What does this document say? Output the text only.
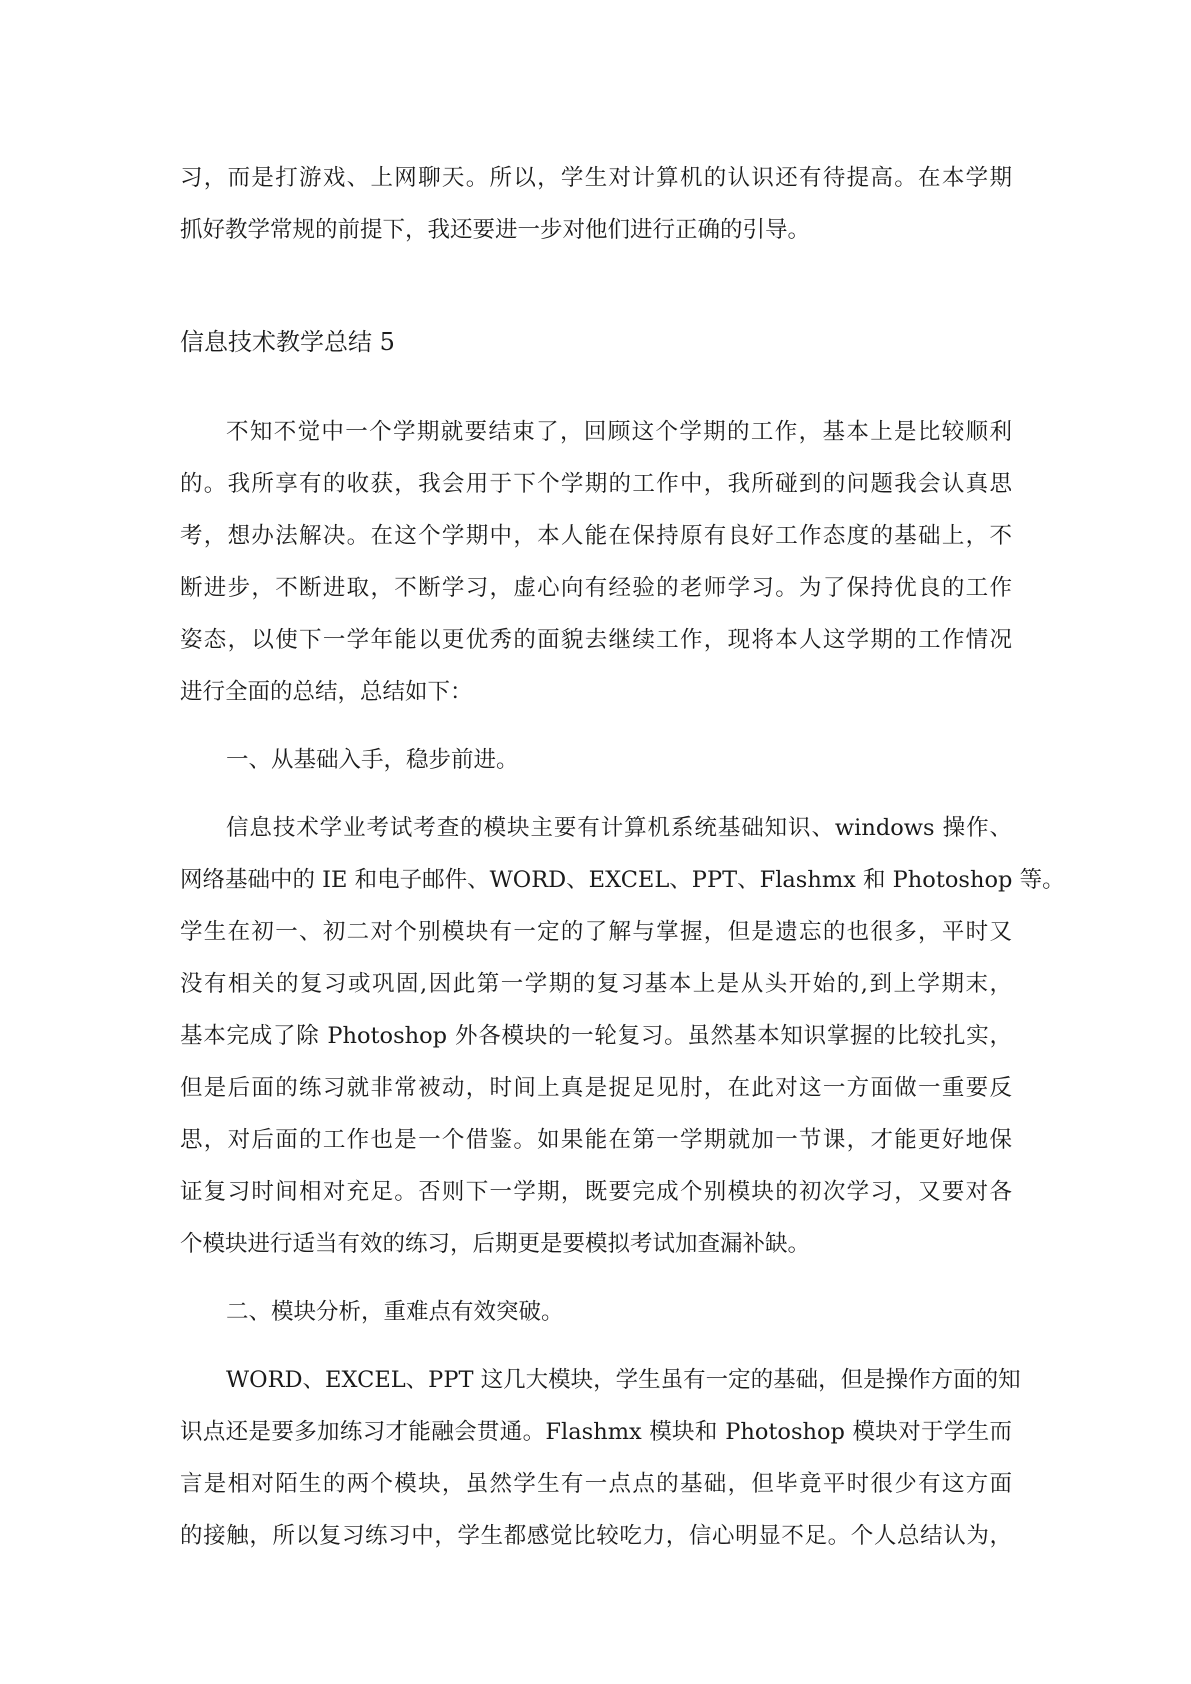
习，而是打游戏、上网聊天。所以，学生对计算机的认识还有待提高。在本学期
抓好教学常规的前提下，我还要进一步对他们进行正确的引导。
信息技术教学总结 5
不知不觉中一个学期就要结束了，回顾这个学期的工作，基本上是比较顺利
的。我所享有的收获，我会用于下个学期的工作中，我所碰到的问题我会认真思
考，想办法解决。在这个学期中，本人能在保持原有良好工作态度的基础上，不
断进步，不断进取，不断学习，虚心向有经验的老师学习。为了保持优良的工作
姿态，以使下一学年能以更优秀的面貌去继续工作，现将本人这学期的工作情况
进行全面的总结，总结如下：
一、从基础入手，稳步前进。
信息技术学业考试考查的模块主要有计算机系统基础知识、windows 操作、
网络基础中的 IE 和电子邮件、WORD、EXCEL、PPT、Flashmx 和 Photoshop 等。
学生在初一、初二对个别模块有一定的了解与掌握，但是遗忘的也很多，平时又
没有相关的复习或巩固,因此第一学期的复习基本上是从头开始的,到上学期末，
基本完成了除 Photoshop 外各模块的一轮复习。虽然基本知识掌握的比较扎实，
但是后面的练习就非常被动，时间上真是捉足见肘，在此对这一方面做一重要反
思，对后面的工作也是一个借鉴。如果能在第一学期就加一节课，才能更好地保
证复习时间相对充足。否则下一学期，既要完成个别模块的初次学习，又要对各
个模块进行适当有效的练习，后期更是要模拟考试加查漏补缺。
二、模块分析，重难点有效突破。
WORD、EXCEL、PPT 这几大模块，学生虽有一定的基础，但是操作方面的知
识点还是要多加练习才能融会贯通。Flashmx 模块和 Photoshop 模块对于学生而
言是相对陌生的两个模块，虽然学生有一点点的基础，但毕竟平时很少有这方面
的接触，所以复习练习中，学生都感觉比较吃力，信心明显不足。个人总结认为，
